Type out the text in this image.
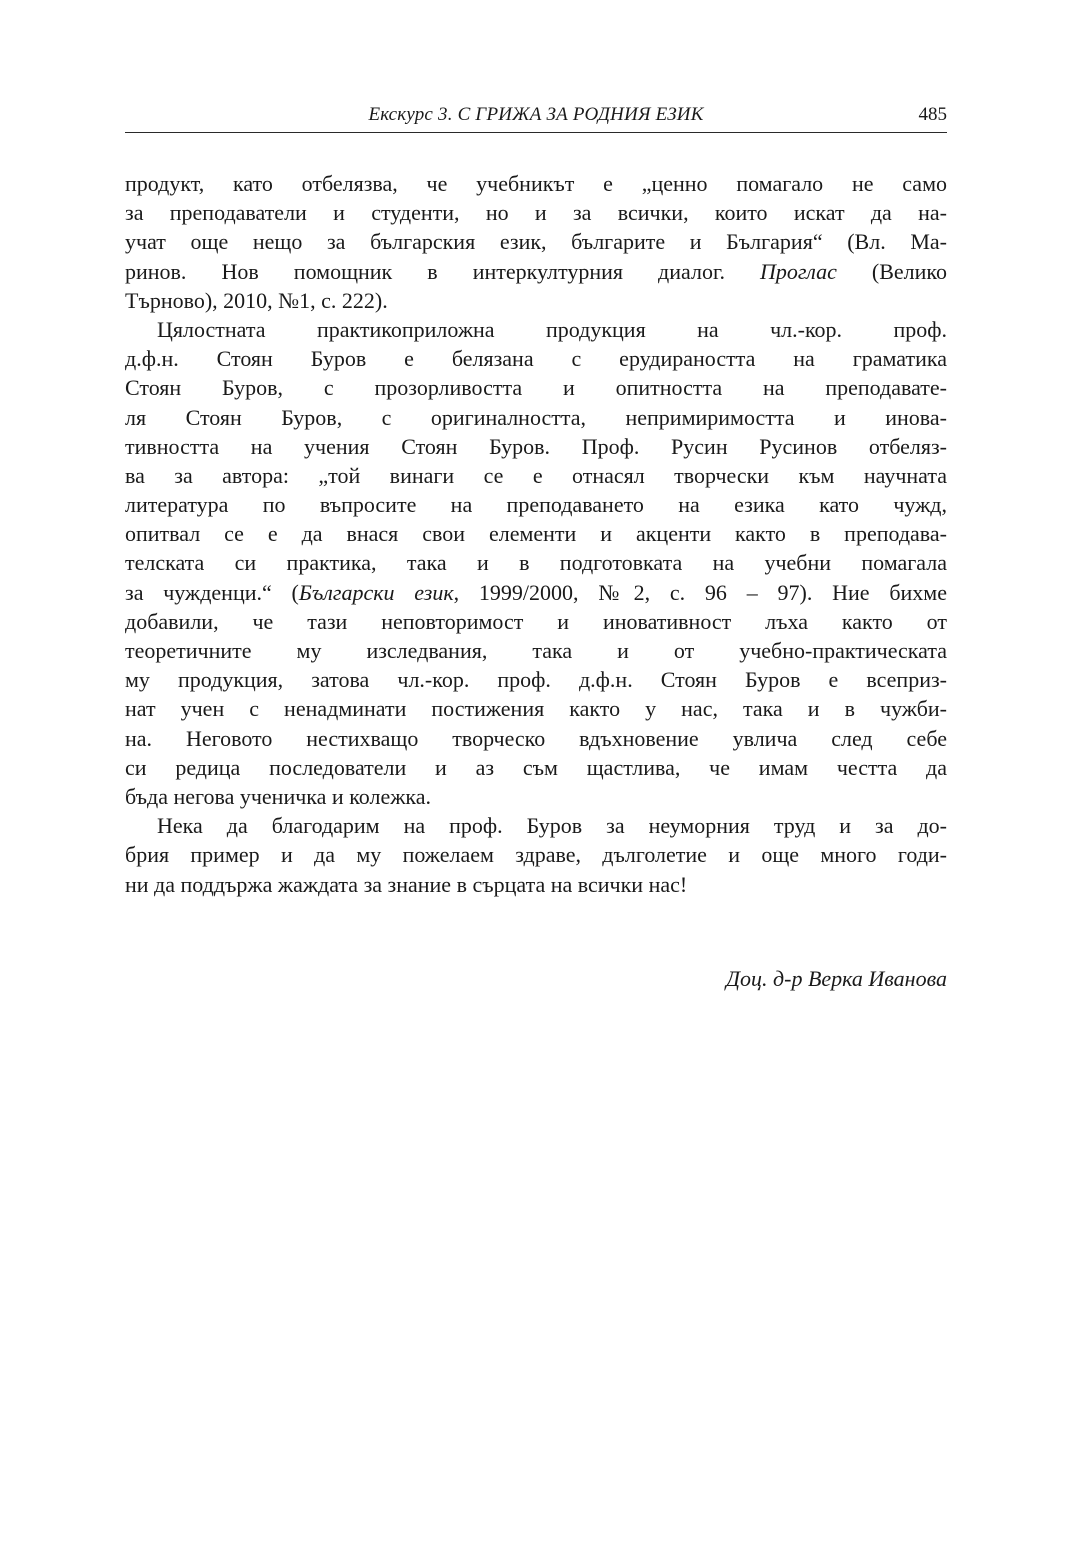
Екскурс 3. С ГРИЖА ЗА РОДНИЯ ЕЗИК	485
продукт, като отбелязва, че учебникът е „ценно помагало не само
за преподаватели и студенти, но и за всички, които искат да на-
учат още нещо за българския език, българите и България“ (Вл. Ма-
ринов. Нов помощник в интеркултурния диалог. Проглас (Велико
Търново), 2010, №1, с. 222).
Цялостната практикоприложна продукция на чл.-кор. проф.
д.ф.н. Стоян Буров е белязана с ерудираността на граматика
Стоян Буров, с прозорливостта и опитността на преподавате-
ля Стоян Буров, с оригиналността, непримиримостта и инова-
тивността на учения Стоян Буров. Проф. Русин Русинов отбеляз-
ва за автора: „той винаги се е отнасял творчески към научната
литература по въпросите на преподаването на езика като чужд,
опитвал се е да внася свои елементи и акценти както в преподава-
телската си практика, така и в подготовката на учебни помагала
за чужденци.“ (Български език, 1999/2000, №2, с. 96 – 97). Ние бихме
добавили, че тази неповторимост и иновативност лъха както от
теоретичните му изследвания, така и от учебно-практическата
му продукция, затова чл.-кор. проф. д.ф.н. Стоян Буров е всеприз-
нат учен с ненадминати постижения както у нас, така и в чужби-
на. Неговото нестихващо творческо вдъхновение увлича след себе
си редица последователи и аз съм щастлива, че имам честта да
бъда негова ученичка и колежка.
Нека да благодарим на проф. Буров за неуморния труд и за до-
брия пример и да му пожелаем здраве, дълголетие и още много годи-
ни да поддържа жаждата за знание в сърцата на всички нас!
Доц. д-р Верка Иванова
